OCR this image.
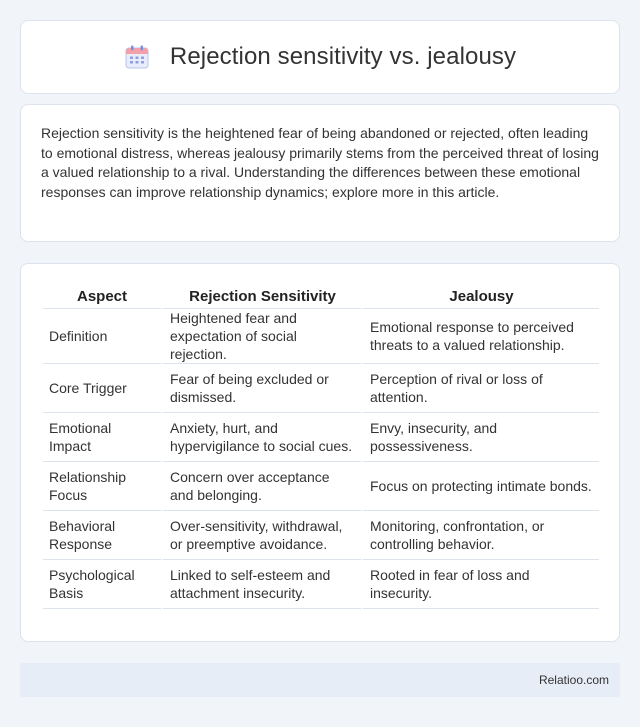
Rejection sensitivity vs. jealousy

Rejection sensitivity is the heightened fear of being abandoned or rejected, often leading to emotional distress, whereas jealousy primarily stems from the perceived threat of losing a valued relationship to a rival. Understanding the differences between these emotional responses can improve relationship dynamics; explore more in this article.

Aspect	Rejection Sensitivity	Jealousy
Definition	Heightened fear and expectation of social rejection.	Emotional response to perceived threats to a valued relationship.
Core Trigger	Fear of being excluded or dismissed.	Perception of rival or loss of attention.
Emotional Impact	Anxiety, hurt, and hypervigilance to social cues.	Envy, insecurity, and possessiveness.
Relationship Focus	Concern over acceptance and belonging.	Focus on protecting intimate bonds.
Behavioral Response	Over-sensitivity, withdrawal, or preemptive avoidance.	Monitoring, confrontation, or controlling behavior.
Psychological Basis	Linked to self-esteem and attachment insecurity.	Rooted in fear of loss and insecurity.
Relatioo.com
